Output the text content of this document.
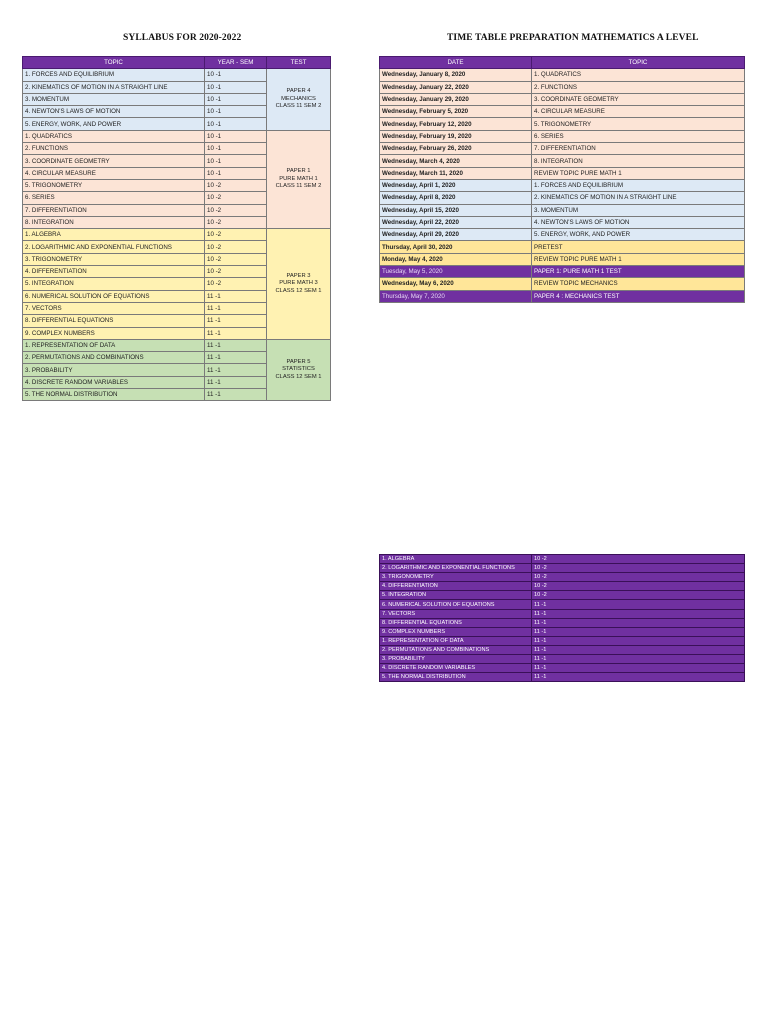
SYLLABUS FOR 2020-2022	TIME TABLE PREPARATION MATHEMATICS A LEVEL
TOPIC	YEAR - SEM	TEST
1. FORCES AND EQUILIBRIUM	10 -1	PAPER 4
MECHANICS
CLASS 11 SEM 2

2. KINEMATICS OF MOTION IN A STRAIGHT LINE	10 -1	
3. MOMENTUM	10 -1	
4. NEWTON'S LAWS OF MOTION	10 -1	
5. ENERGY, WORK, AND POWER	10 -1	
1. QUADRATICS	10 -1	PAPER 1
PURE MATH 1
CLASS 11 SEM 2

2. FUNCTIONS	10 -1	
3. COORDINATE GEOMETRY	10 -1	
4. CIRCULAR MEASURE	10 -1	
5. TRIGONOMETRY	10 -2	
6. SERIES	10 -2	
7. DIFFERENTIATION	10 -2	
8. INTEGRATION	10 -2	
1. ALGEBRA	10 -2	PAPER 3
PURE MATH 3
CLASS 12 SEM 1

2. LOGARITHMIC AND EXPONENTIAL FUNCTIONS	10 -2	
3. TRIGONOMETRY	10 -2	
4. DIFFERENTIATION	10 -2	
5. INTEGRATION	10 -2	
6. NUMERICAL SOLUTION OF EQUATIONS	11 -1	
7. VECTORS	11 -1	
8. DIFFERENTIAL EQUATIONS	11 -1	
9. COMPLEX NUMBERS	11 -1	
1. REPRESENTATION OF DATA	11 -1	PAPER 5
STATISTICS
CLASS 12 SEM 1

2. PERMUTATIONS AND COMBINATIONS	11 -1	
3. PROBABILITY	11 -1	
4. DISCRETE RANDOM VARIABLES	11 -1	
5. THE NORMAL DISTRIBUTION	11 -1	
DATE	TOPIC
Wednesday, January 8, 2020	1. QUADRATICS
Wednesday, January 22, 2020	2. FUNCTIONS
Wednesday, January 29, 2020	3. COORDINATE GEOMETRY
Wednesday, February 5, 2020	4. CIRCULAR MEASURE
Wednesday, February 12, 2020	5. TRIGONOMETRY
Wednesday, February 19, 2020	6. SERIES
Wednesday, February 26, 2020	7. DIFFERENTIATION
Wednesday, March 4, 2020	8. INTEGRATION
Wednesday, March 11, 2020	REVIEW TOPIC PURE MATH 1
Wednesday, April 1, 2020	1. FORCES AND EQUILIBRIUM
Wednesday, April 8, 2020	2. KINEMATICS OF MOTION IN A STRAIGHT LINE
Wednesday, April 15, 2020	3. MOMENTUM
Wednesday, April 22, 2020	4. NEWTON'S LAWS OF MOTION
Wednesday, April 29, 2020	5. ENERGY, WORK, AND POWER
Thursday, April 30, 2020	PRETEST
Monday, May 4, 2020	REVIEW TOPIC PURE MATH 1
Tuesday, May 5, 2020	PAPER 1: PURE MATH 1 TEST
Wednesday, May 6, 2020	REVIEW TOPIC MECHANICS
Thursday, May 7, 2020	PAPER 4 : MECHANICS TEST
1. ALGEBRA	10 -2
2. LOGARITHMIC AND EXPONENTIAL FUNCTIONS	10 -2
3. TRIGONOMETRY	10 -2
4. DIFFERENTIATION	10 -2
5. INTEGRATION	10 -2
6. NUMERICAL SOLUTION OF EQUATIONS	11 -1
7. VECTORS	11 -1
8. DIFFERENTIAL EQUATIONS	11 -1
9. COMPLEX NUMBERS	11 -1
1. REPRESENTATION OF DATA	11 -1
2. PERMUTATIONS AND COMBINATIONS	11 -1
3. PROBABILITY	11 -1
4. DISCRETE RANDOM VARIABLES	11 -1
5. THE NORMAL DISTRIBUTION	11 -1
